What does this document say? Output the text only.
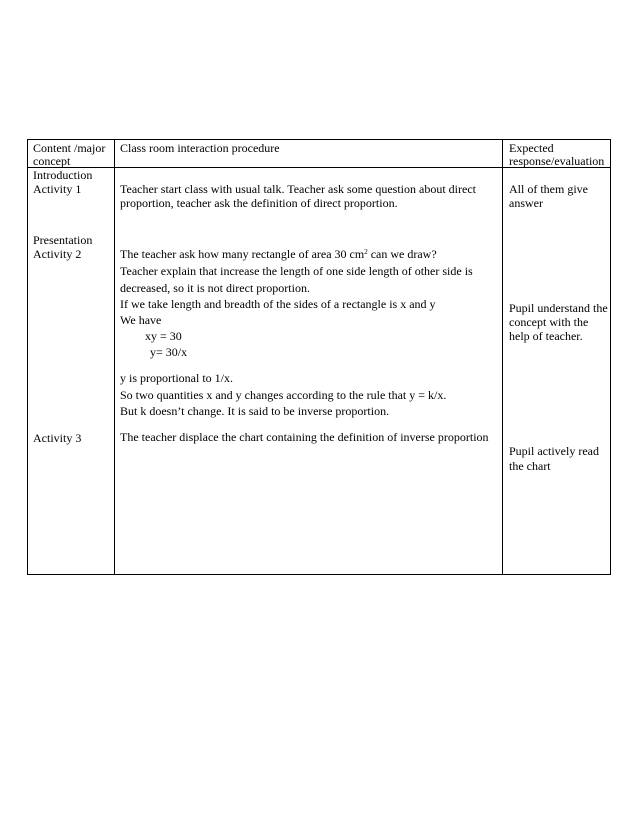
Content /major
concept
Class room interaction procedure	Expected
response/evaluation
Introduction
Activity 1
Presentation
Activity 2
Activity 3
Teacher start class with usual talk. Teacher ask some question about direct
proportion, teacher ask the definition of direct proportion.
The teacher ask how many rectangle of area 30 $cm^2$ can we draw?
Teacher explain that increase the length of one side length of other side is
decreased, so it is not direct proportion.
If we take length and breadth of the sides of a rectangle is x and y
We have
xy = 30
y= 30/x
y is proportional to 1/x.
So two quantities x and y changes according to the rule that y = k/x.
But k doesn’t change. It is said to be inverse proportion.
The teacher displace the chart containing the definition of inverse proportion
All of them give
answer
Pupil understand the
concept with the
help of teacher.
Pupil actively read
the chart
